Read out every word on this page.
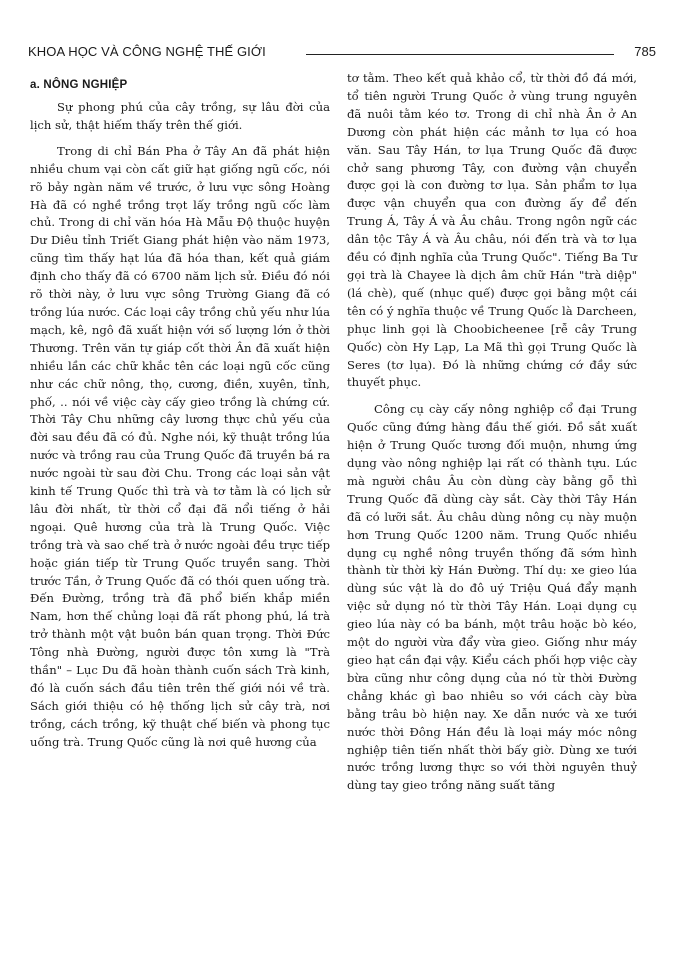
KHOA HỌC VÀ CÔNG NGHỆ THẾ GIỚI	785
a. NÔNG NGHIỆP

Sự phong phú của cây trồng, sự lâu đời của lịch sử, thật hiếm thấy trên thế giới.

Trong di chỉ Bán Pha ở Tây An đã phát hiện nhiều chum vại còn cất giữ hạt giống ngũ cốc, nói rõ bảy ngàn năm về trước, ở lưu vực sông Hoàng Hà đã có nghề trồng trọt lấy trồng ngũ cốc làm chủ. Trong di chỉ văn hóa Hà Mẫu Độ thuộc huyện Dư Diêu tỉnh Triết Giang phát hiện vào năm 1973, cũng tìm thấy hạt lúa đã hóa than, kết quả giám định cho thấy đã có 6700 năm lịch sử. Điều đó nói rõ thời này, ở lưu vực sông Trường Giang đã có trồng lúa nước. Các loại cây trồng chủ yếu như lúa mạch, kê, ngô đã xuất hiện với số lượng lớn ở thời Thương. Trên văn tự giáp cốt thời Ân đã xuất hiện nhiều lần các chữ khắc tên các loại ngũ cốc cũng như các chữ nông, thọ, cương, điền, xuyên, tỉnh, phố, .. nói về việc cày cấy gieo trồng là chứng cứ. Thời Tây Chu những cây lương thực chủ yếu của đời sau đều đã có đủ. Nghe nói, kỹ thuật trồng lúa nước và trồng rau của Trung Quốc đã truyền bá ra nước ngoài từ sau đời Chu. Trong các loại sản vật kinh tế Trung Quốc thì trà và tơ tằm là có lịch sử lâu đời nhất, từ thời cổ đại đã nổi tiếng ở hải ngoại. Quê hương của trà là Trung Quốc. Việc trồng trà và sao chế trà ở nước ngoài đều trực tiếp hoặc gián tiếp từ Trung Quốc truyền sang. Thời trước Tần, ở Trung Quốc đã có thói quen uống trà. Đến Đường, trồng trà đã phổ biến khắp miền Nam, hơn thế chủng loại đã rất phong phú, lá trà trở thành một vật buôn bán quan trọng. Thời Đức Tông nhà Đường, người được tôn xưng là "Trà thần" – Lục Du đã hoàn thành cuốn sách Trà kinh, đó là cuốn sách đầu tiên trên thế giới nói về trà. Sách giới thiệu có hệ thống lịch sử cây trà, nơi trồng, cách trồng, kỹ thuật chế biến và phong tục uống trà. Trung Quốc cũng là nơi quê hương của

tơ tằm. Theo kết quả khảo cổ, từ thời đồ đá mới, tổ tiên người Trung Quốc ở vùng trung nguyên đã nuôi tằm kéo tơ. Trong di chỉ nhà Ân ở An Dương còn phát hiện các mảnh tơ lụa có hoa văn. Sau Tây Hán, tơ lụa Trung Quốc đã được chở sang phương Tây, con đường vận chuyển được gọi là con đường tơ lụa. Sản phẩm tơ lụa được vận chuyển qua con đường ấy để đến Trung Á, Tây Á và Âu châu. Trong ngôn ngữ các dân tộc Tây Á và Âu châu, nói đến trà và tơ lụa đều có định nghĩa của Trung Quốc". Tiếng Ba Tư gọi trà là Chayee là dịch âm chữ Hán "trà diệp" (lá chè), quế (nhục quế) được gọi bằng một cái tên có ý nghĩa thuộc về Trung Quốc là Darcheen, phục linh gọi là Choobicheenee [rễ cây Trung Quốc) còn Hy Lạp, La Mã thì gọi Trung Quốc là Seres (tơ lụa). Đó là những chứng cớ đầy sức thuyết phục.

Công cụ cày cấy nông nghiệp cổ đại Trung Quốc cũng đứng hàng đầu thế giới. Đồ sắt xuất hiện ở Trung Quốc tương đối muộn, nhưng ứng dụng vào nông nghiệp lại rất có thành tựu. Lúc mà người châu Âu còn dùng cày bằng gỗ thì Trung Quốc đã dùng cày sắt. Cày thời Tây Hán đã có lưỡi sắt. Âu châu dùng nông cụ này muộn hơn Trung Quốc 1200 năm. Trung Quốc nhiều dụng cụ nghề nông truyền thống đã sớm hình thành từ thời kỳ Hán Đường. Thí dụ: xe gieo lúa dùng súc vật là do đô uý Triệu Quá đẩy mạnh việc sử dụng nó từ thời Tây Hán. Loại dụng cụ gieo lúa này có ba bánh, một trâu hoặc bò kéo, một do người vừa đẩy vừa gieo. Giống như máy gieo hạt cần đại vậy. Kiểu cách phối hợp việc cày bừa cũng như công dụng của nó từ thời Đường chẳng khác gì bao nhiêu so với cách cày bừa bằng trâu bò hiện nay. Xe dẫn nước và xe tưới nước thời Đông Hán đều là loại máy móc nông nghiệp tiên tiến nhất thời bấy giờ. Dùng xe tưới nước trồng lương thực so với thời nguyên thuỷ dùng tay gieo trồng năng suất tăng
